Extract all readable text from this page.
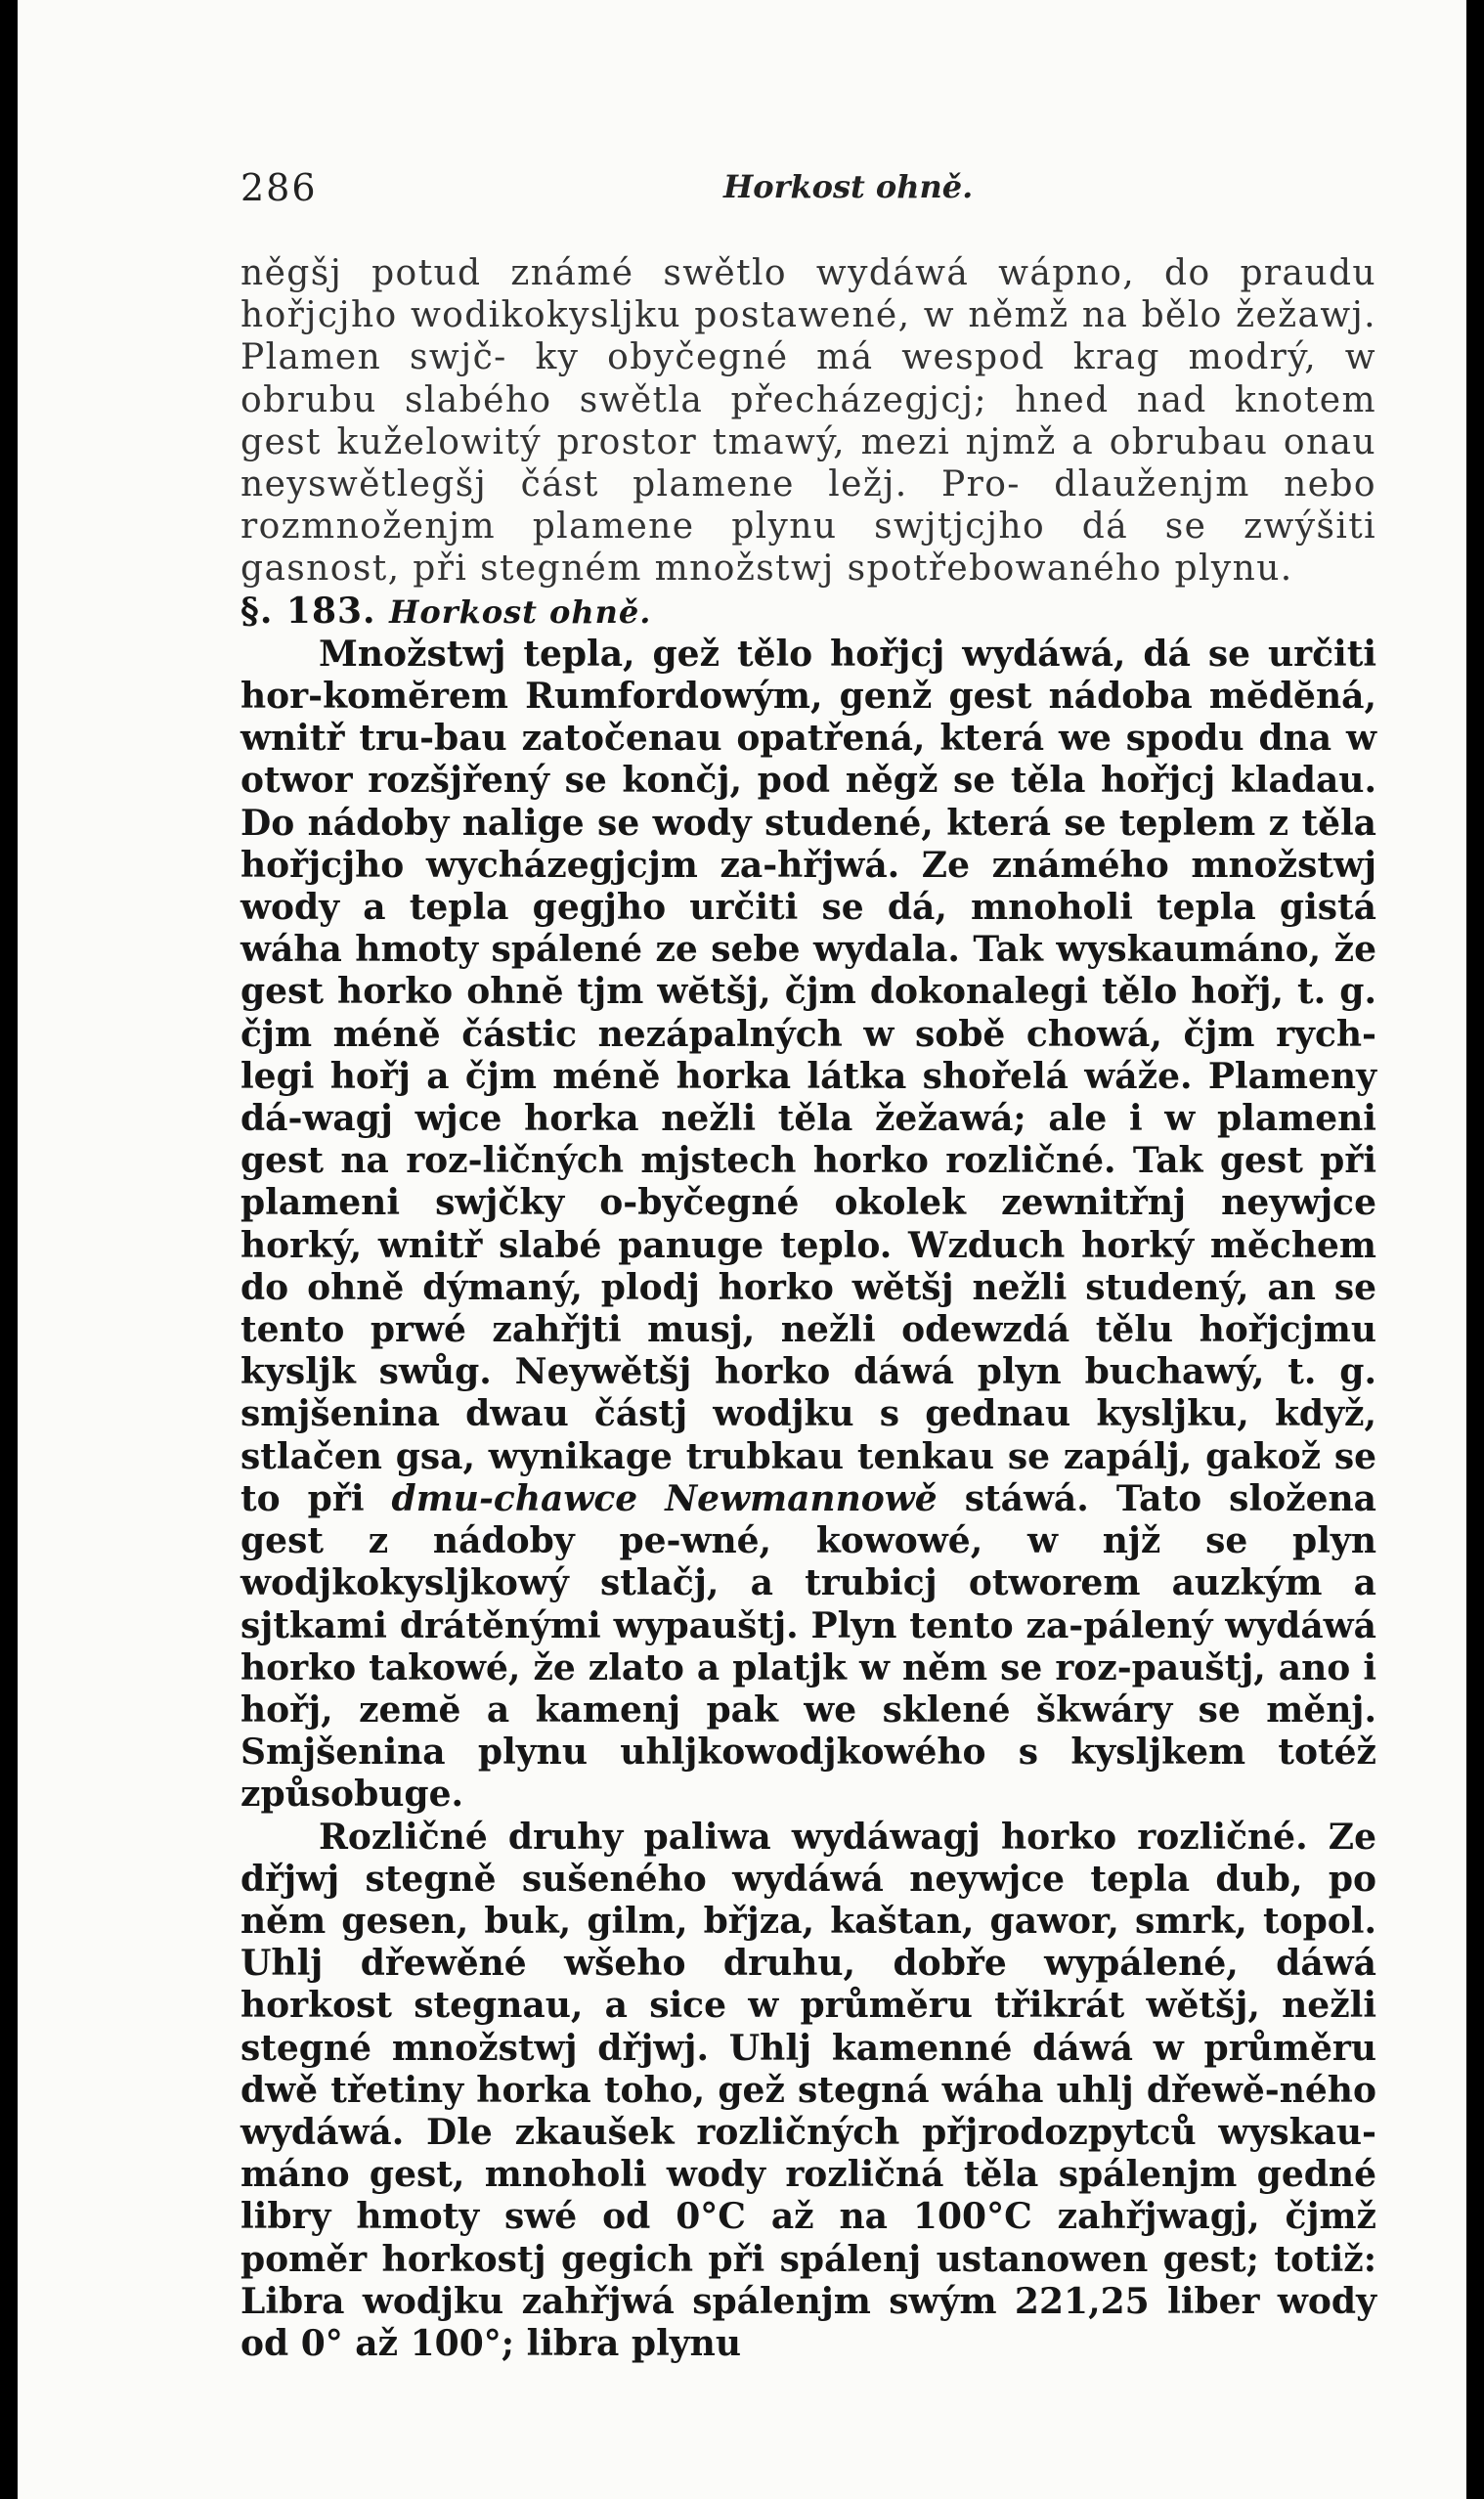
286	Horkost ohně.

něgšj potud známé swětlo wydáwá wápno, do praudu hořjcjho wodikokysljku postawené, w němž na bělo žežawj. Plamen swjč- ky obyčegné má wespod krag modrý, w obrubu slabého swětla přecházegjcj; hned nad knotem gest kuželowitý prostor tmawý, mezi njmž a obrubau onau neyswětlegšj část plamene ležj. Pro- dlauženjm nebo rozmnoženjm plamene plynu swjtjcjho dá se zwýšiti gasnost, při stegném množstwj spotřebowaného plynu.

§. 183. Horkost ohně.

Množstwj tepla, gež tělo hořjcj wydáwá, dá se určiti hor-komĕrem Rumfordowým, genž gest nádoba mĕdĕná, wnitř tru-bau zatočenau opatřená, která we spodu dna w otwor rozšjřený se končj, pod něgž se těla hořjcj kladau. Do nádoby nalige se wody studené, která se teplem z těla hořjcjho wycházegjcjm za-hřjwá. Ze známého množstwj wody a tepla gegjho určiti se dá, mnoholi tepla gistá wáha hmoty spálené ze sebe wydala. Tak wyskaumáno, že gest horko ohnĕ tjm wĕtšj, čjm dokonalegi tělo hořj, t. g. čjm méně částic nezápalných w sobě chowá, čjm rych-legi hořj a čjm méně horka látka shořelá wáže. Plameny dá-wagj wjce horka nežli těla žežawá; ale i w plameni gest na roz-ličných mjstech horko rozličné. Tak gest při plameni swjčky o-byčegné okolek zewnitřnj neywjce horký, wnitř slabé panuge teplo. Wzduch horký měchem do ohně dýmaný, plodj horko wětšj nežli studený, an se tento prwé zahřjti musj, nežli odewzdá tělu hořjcjmu kysljk swůg. Neywětšj horko dáwá plyn buchawý, t. g. smjšenina dwau částj wodjku s gednau kysljku, když, stlačen gsa, wynikage trubkau tenkau se zapálj, gakož se to při dmu-chawce Newmannowě stáwá. Tato složena gest z nádoby pe-wné, kowowé, w njž se plyn wodjkokysljkowý stlačj, a trubicj otworem auzkým a sjtkami drátěnými wypauštj. Plyn tento za-pálený wydáwá horko takowé, že zlato a platjk w něm se roz-pauštj, ano i hořj, zemĕ a kamenj pak we sklené škwáry se měnj. Smjšenina plynu uhljkowodjkowého s kysljkem totéž způsobuge.

Rozličné druhy paliwa wydáwagj horko rozličné. Ze dřjwj stegně sušeného wydáwá neywjce tepla dub, po něm gesen, buk, gilm, břjza, kaštan, gawor, smrk, topol. Uhlj dřewěné wšeho druhu, dobře wypálené, dáwá horkost stegnau, a sice w průměru třikrát wětšj, nežli stegné množstwj dřjwj. Uhlj kamenné dáwá w průměru dwě třetiny horka toho, gež stegná wáha uhlj dřewě-ného wydáwá. Dle zkaušek rozličných přjrodozpytců wyskau-máno gest, mnoholi wody rozličná těla spálenjm gedné libry hmoty swé od 0°C až na 100°C zahřjwagj, čjmž poměr horkostj gegich při spálenj ustanowen gest; totiž: Libra wodjku zahřjwá spálenjm swým 221,25 liber wody od 0° až 100°; libra plynu
